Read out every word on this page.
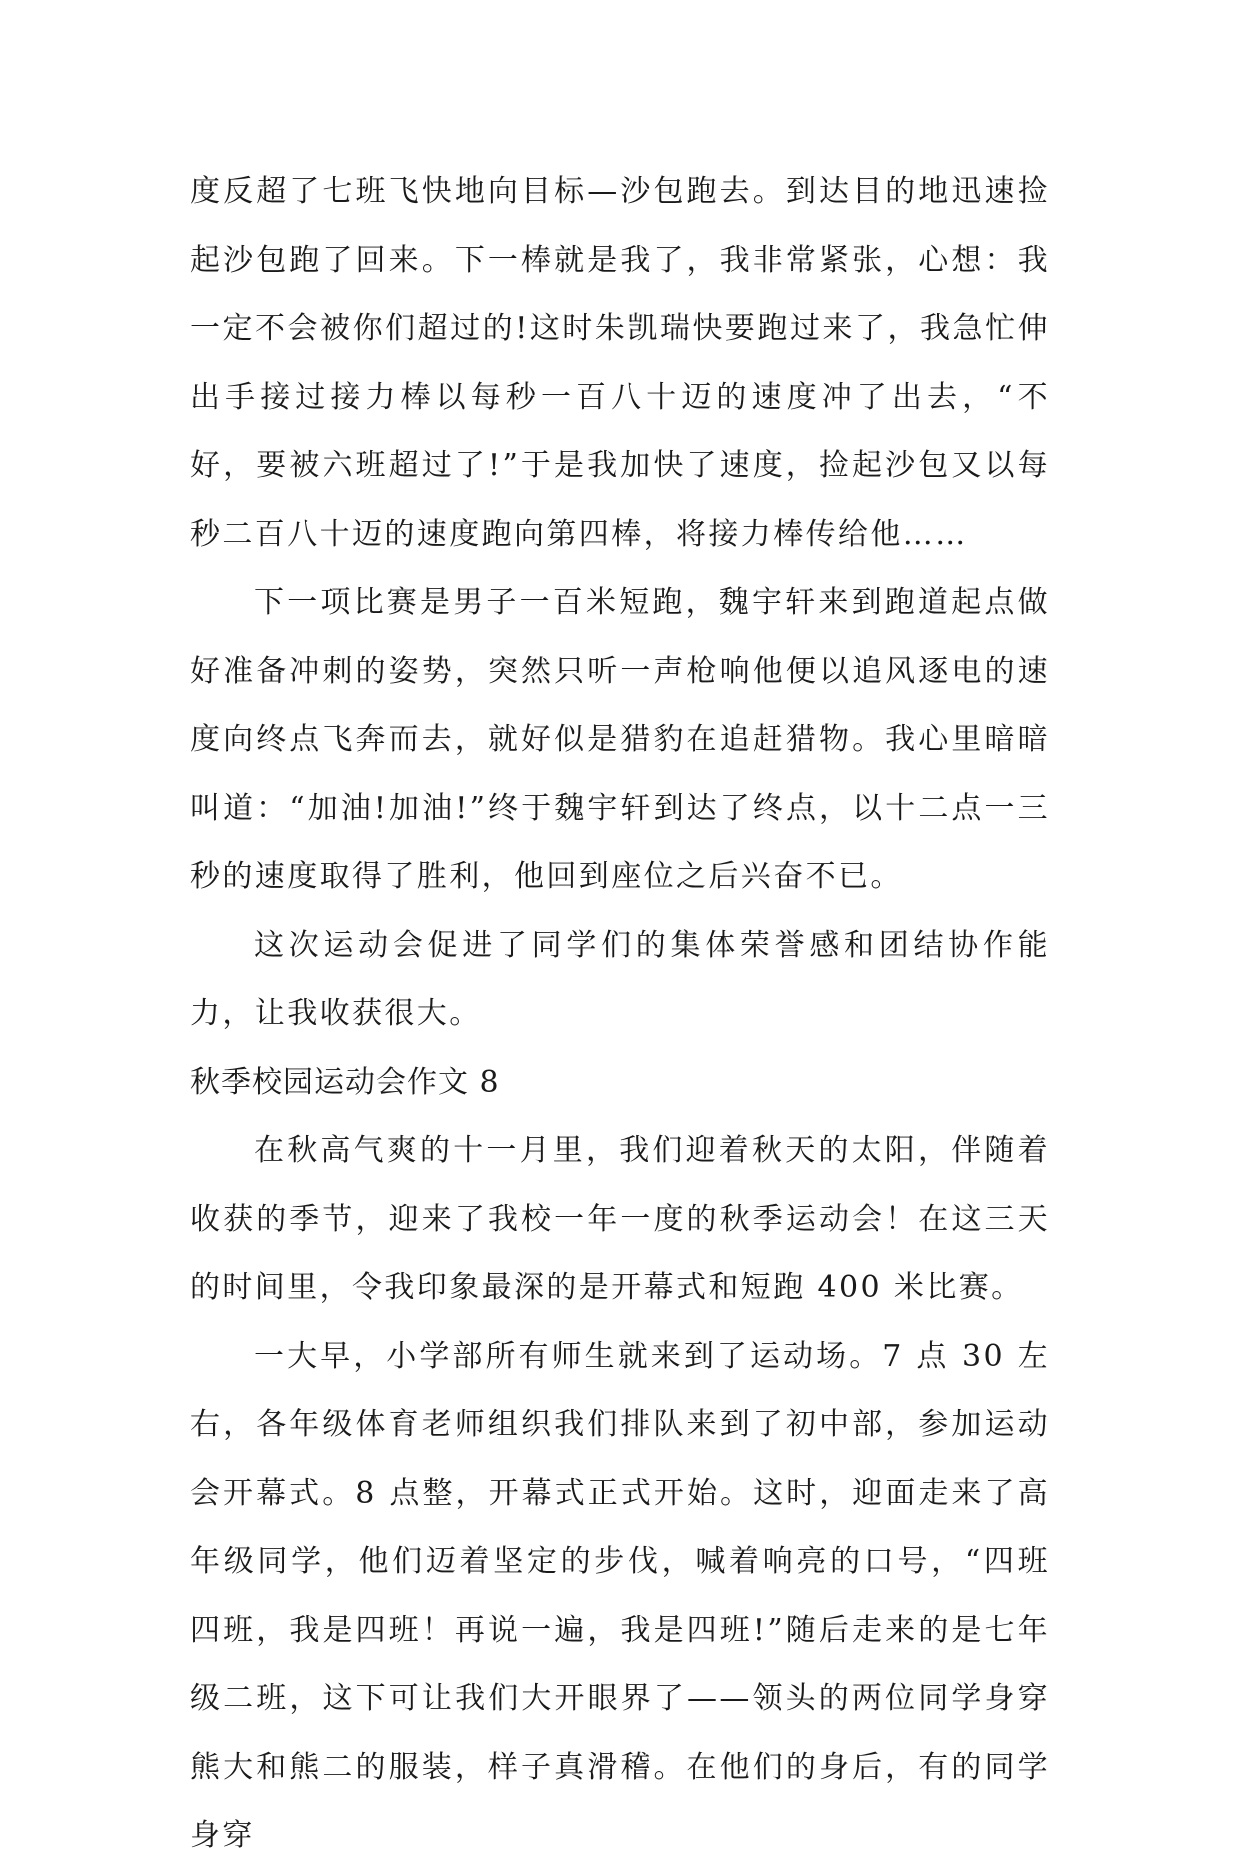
度反超了七班飞快地向目标—沙包跑去。到达目的地迅速捡起沙包跑了回来。下一棒就是我了，我非常紧张，心想：我一定不会被你们超过的!这时朱凯瑞快要跑过来了，我急忙伸出手接过接力棒以每秒一百八十迈的速度冲了出去，“不好，要被六班超过了!”于是我加快了速度，捡起沙包又以每秒二百八十迈的速度跑向第四棒，将接力棒传给他……

下一项比赛是男子一百米短跑，魏宇轩来到跑道起点做好准备冲刺的姿势，突然只听一声枪响他便以追风逐电的速度向终点飞奔而去，就好似是猎豹在追赶猎物。我心里暗暗叫道：“加油!加油!”终于魏宇轩到达了终点，以十二点一三秒的速度取得了胜利，他回到座位之后兴奋不已。

这次运动会促进了同学们的集体荣誉感和团结协作能力，让我收获很大。

秋季校园运动会作文 8

在秋高气爽的十一月里，我们迎着秋天的太阳，伴随着收获的季节，迎来了我校一年一度的秋季运动会！在这三天的时间里，令我印象最深的是开幕式和短跑 400 米比赛。

一大早，小学部所有师生就来到了运动场。7 点 30 左右，各年级体育老师组织我们排队来到了初中部，参加运动会开幕式。8 点整，开幕式正式开始。这时，迎面走来了高年级同学，他们迈着坚定的步伐，喊着响亮的口号，“四班四班，我是四班！再说一遍，我是四班!”随后走来的是七年级二班，这下可让我们大开眼界了——领头的两位同学身穿熊大和熊二的服装，样子真滑稽。在他们的身后，有的同学身穿
